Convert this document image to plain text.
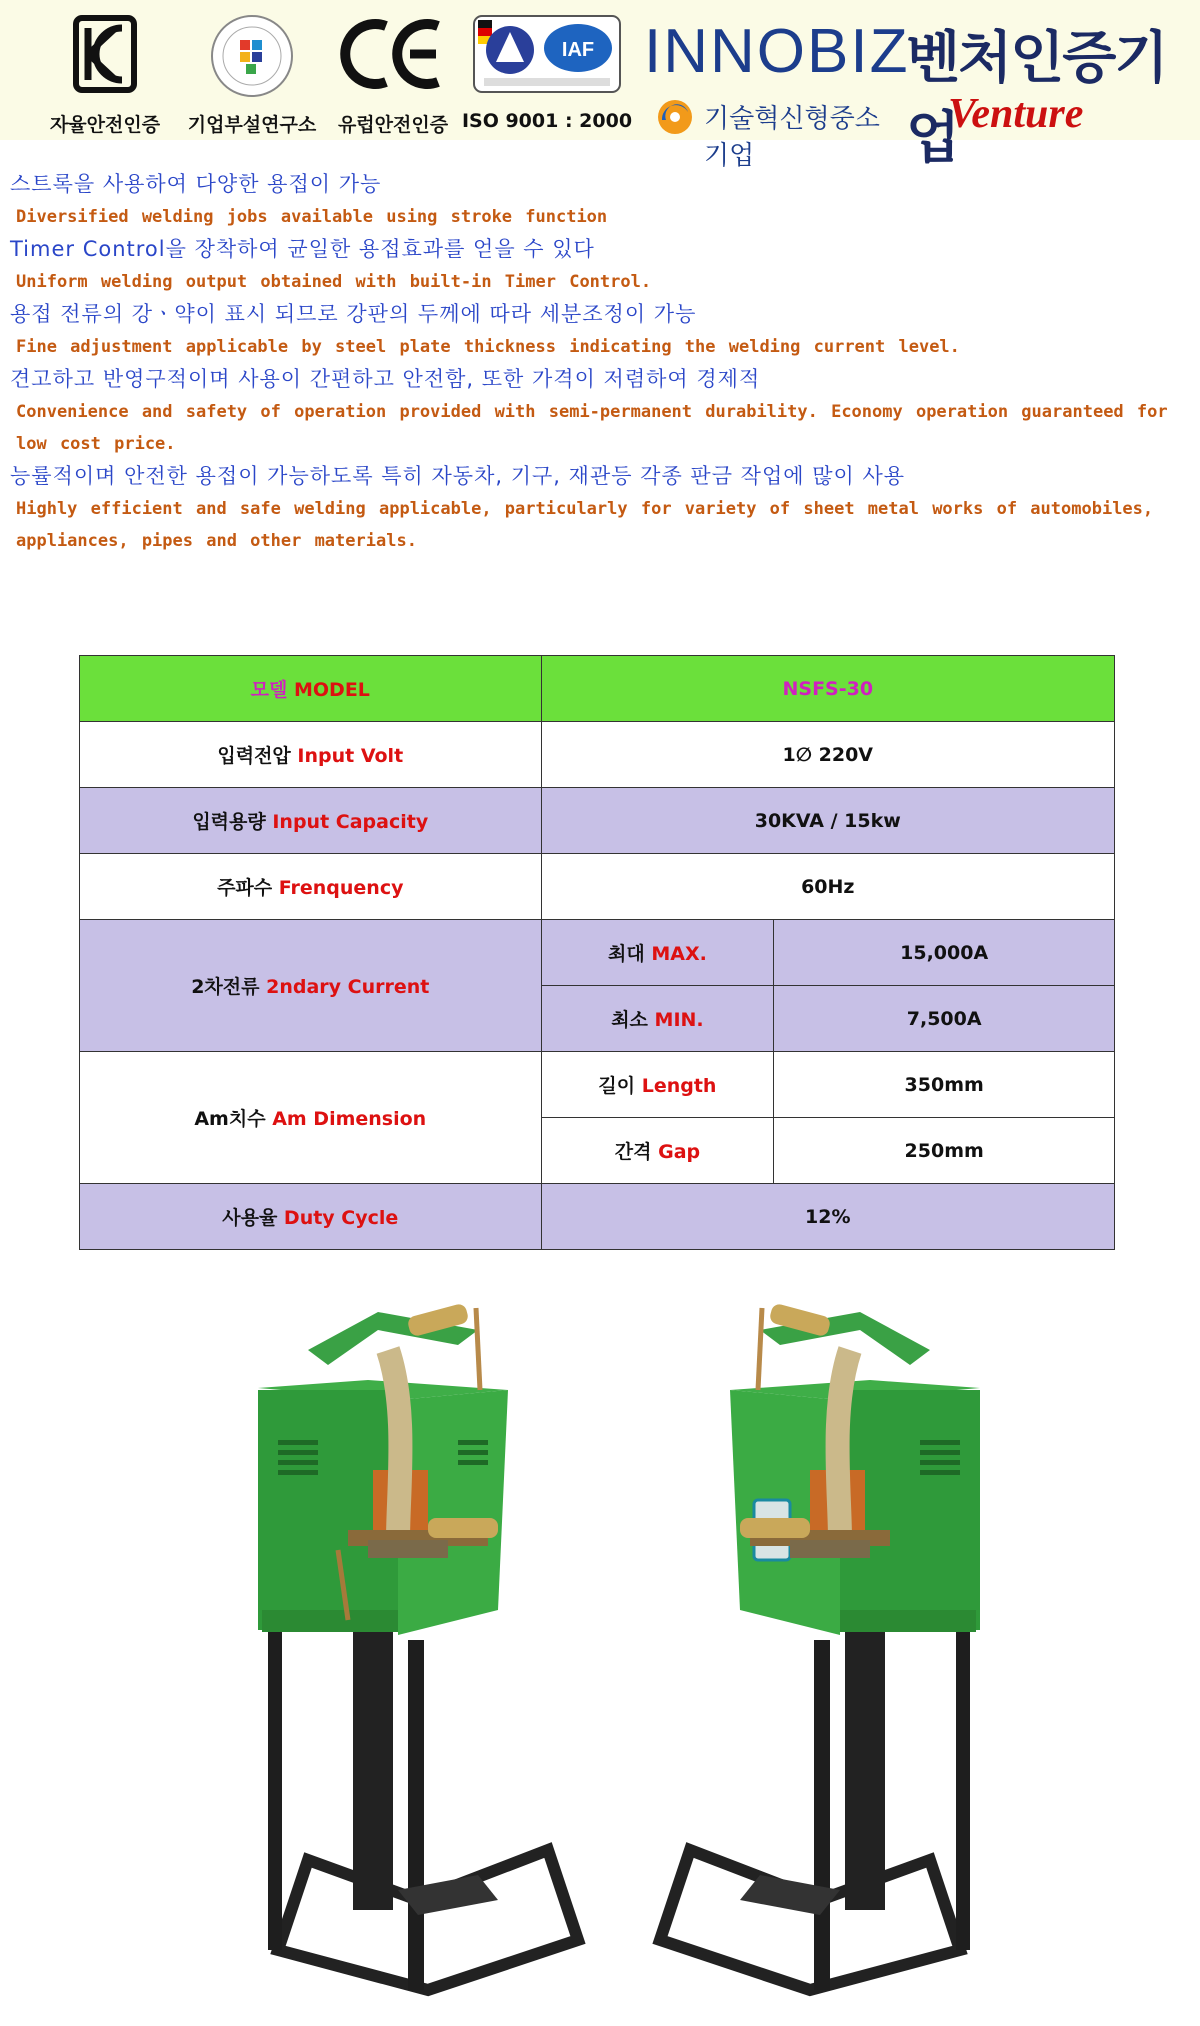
자율안전인증	기업부설연구소	유럽안전인증
IAF
ISO 9001 : 2000
INNOBIZ
기술혁신형중소기업
벤처인증기업
Venture
스트록을 사용하여 다양한 용접이 가능
Diversified welding jobs available using stroke function
Timer Control을 장착하여 균일한 용접효과를 얻을 수 있다
Uniform welding output obtained with built-in Timer Control.
용접 전류의 강ㆍ약이 표시 되므로 강판의 두께에 따라 세분조정이 가능
Fine adjustment applicable by steel plate thickness indicating the welding current level.
견고하고 반영구적이며 사용이 간편하고 안전함, 또한 가격이 저렴하여 경제적
Convenience and safety of operation provided with semi-permanent durability. Economy operation guaranteed for low cost price.
능률적이며 안전한 용접이 가능하도록 특히 자동차, 기구, 재관등 각종 판금 작업에 많이 사용
Highly efficient and safe welding applicable, particularly for variety of sheet metal works of automobiles, appliances, pipes and other materials.
모델 MODEL	NSFS-30	
입력전압 Input Volt	1∅ 220V	
입력용량 Input Capacity	30KVA / 15kw	
주파수 Frenquency	60Hz	
2차전류 2ndary Current	최대 MAX.	15,000A
	최소 MIN.	7,500A
Am치수 Am Dimension	길이 Length	350mm
	간격 Gap	250mm
사용율 Duty Cycle	12%	
